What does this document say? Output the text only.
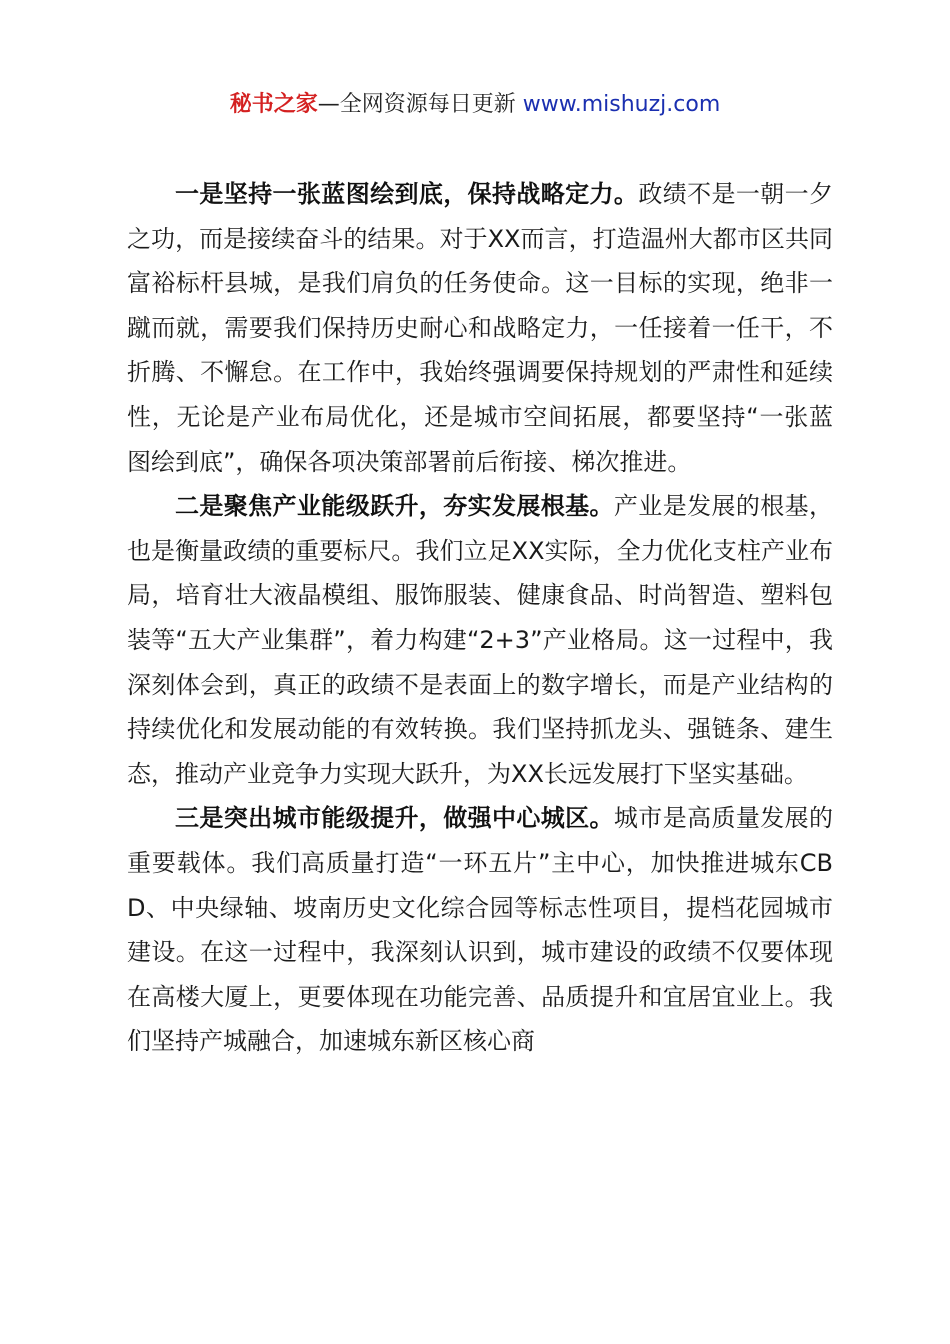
秘书之家—全网资源每日更新 www.mishuzj.com

一是坚持一张蓝图绘到底，保持战略定力。政绩不是一朝一夕之功，而是接续奋斗的结果。对于XX而言，打造温州大都市区共同富裕标杆县城，是我们肩负的任务使命。这一目标的实现，绝非一蹴而就，需要我们保持历史耐心和战略定力，一任接着一任干，不折腾、不懈怠。在工作中，我始终强调要保持规划的严肃性和延续性，无论是产业布局优化，还是城市空间拓展，都要坚持“一张蓝图绘到底”，确保各项决策部署前后衔接、梯次推进。

二是聚焦产业能级跃升，夯实发展根基。产业是发展的根基，也是衡量政绩的重要标尺。我们立足XX实际，全力优化支柱产业布局，培育壮大液晶模组、服饰服装、健康食品、时尚智造、塑料包装等“五大产业集群”，着力构建“2+3”产业格局。这一过程中，我深刻体会到，真正的政绩不是表面上的数字增长，而是产业结构的持续优化和发展动能的有效转换。我们坚持抓龙头、强链条、建生态，推动产业竞争力实现大跃升，为XX长远发展打下坚实基础。

三是突出城市能级提升，做强中心城区。城市是高质量发展的重要载体。我们高质量打造“一环五片”主中心，加快推进城东CBD、中央绿轴、坡南历史文化综合园等标志性项目，提档花园城市建设。在这一过程中，我深刻认识到，城市建设的政绩不仅要体现在高楼大厦上，更要体现在功能完善、品质提升和宜居宜业上。我们坚持产城融合，加速城东新区核心商
